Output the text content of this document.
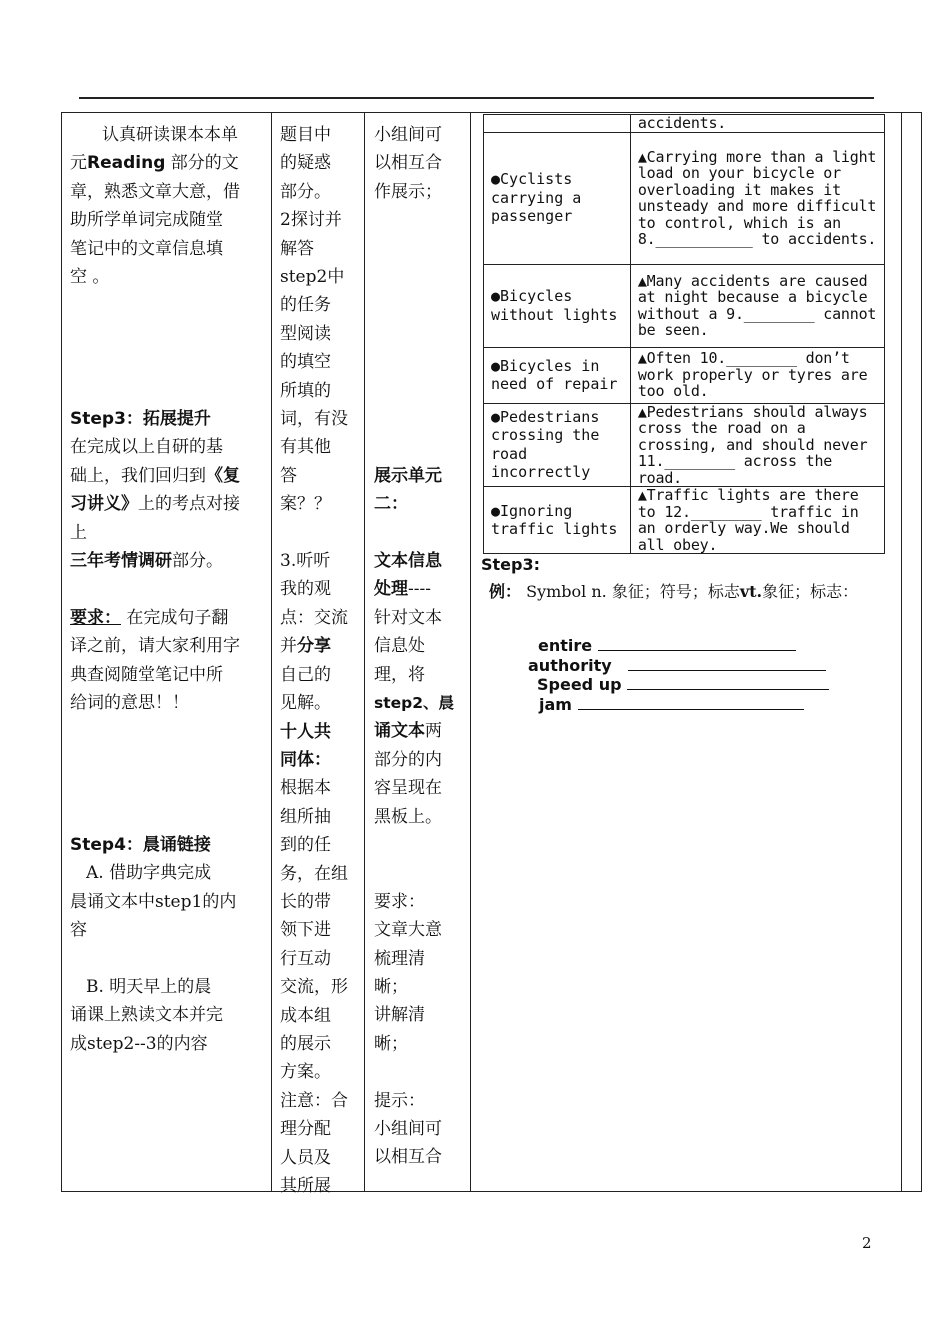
认真研读课本本单

元Reading 部分的文

章，熟悉文章大意，借

助所学单词完成随堂

笔记中的文章信息填

空 。

Step3：拓展提升

在完成以上自研的基

础上，我们回归到《复

习讲义》上的考点对接

上

三年考情调研部分。

要求： 在完成句子翻

译之前，请大家利用字

典查阅随堂笔记中所

给词的意思！！

Step4：晨诵链接

A. 借助字典完成

晨诵文本中step1的内

容

B. 明天早上的晨

诵课上熟读文本并完

成step2--3的内容

题目中

的疑惑

部分。

2探讨并

解答

step2中

的任务

型阅读

的填空

所填的

词，有没

有其他

答

案？？

3.听听

我的观

点：交流

并分享

自己的

见解。

十人共

同体：

根据本

组所抽

到的任

务，在组

长的带

领下进

行互动

交流，形

成本组

的展示

方案。

注意：合

理分配

人员及

其所展

小组间可

以相互合

作展示；

展示单元

二：

文本信息

处理----

针对文本

信息处

理，将

step2、晨

诵文本两

部分的内

容呈现在

黑板上。

要求：

文章大意

梳理清

晰；

讲解清

晰；

提示：

小组间可

以相互合

	accidents.
●Cyclists carrying a passenger	▲Carrying more than a light load on your bicycle or overloading it makes it unsteady and more difficult to control, which is an 8.___________ to accidents.
●Bicycles without lights	▲Many accidents are caused at night because a bicycle without a 9.________ cannot be seen.
●Bicycles in need of repair	▲Often 10.________ don’t work properly or tyres are too old.
●Pedestrians crossing the road incorrectly	▲Pedestrians should always cross the road on a crossing, and should never 11.________ across the road.
●Ignoring traffic lights	▲Traffic lights are there to 12.________ traffic in an orderly way.We should all obey.

Step3:

例： Symbol n. 象征；符号；标志vt.象征；标志：

entire
authority
Speed up
jam
2
